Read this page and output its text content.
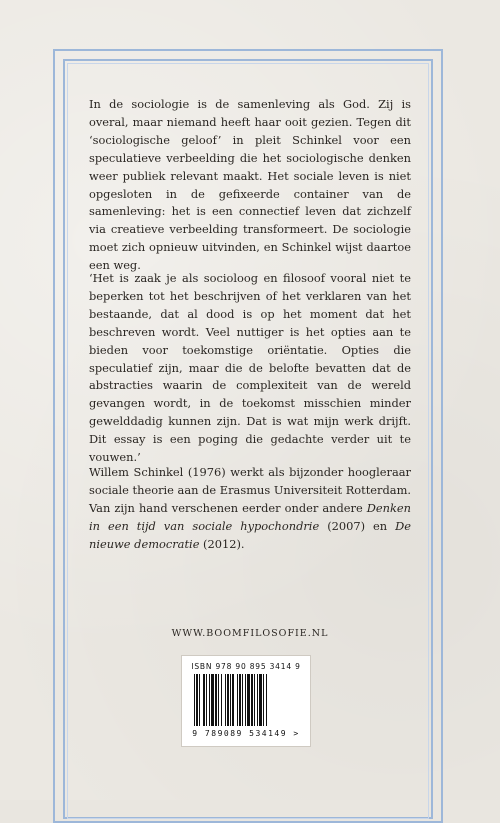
In de sociologie is de samenleving als God. Zij is overal, maar niemand heeft haar ooit gezien. Tegen dit ‘sociologische geloof’ in pleit Schinkel voor een speculatieve verbeelding die het sociologische denken weer publiek relevant maakt. Het sociale leven is niet opgesloten in de gefixeerde container van de samenleving: het is een connectief leven dat zichzelf via creatieve verbeelding transformeert. De sociologie moet zich opnieuw uitvinden, en Schinkel wijst daartoe een weg.

‘Het is zaak je als socioloog en filosoof vooral niet te beperken tot het beschrijven of het verklaren van het bestaande, dat al dood is op het moment dat het beschreven wordt. Veel nuttiger is het opties aan te bieden voor toekomstige oriëntatie. Opties die speculatief zijn, maar die de belofte bevatten dat de abstracties waarin de complexiteit van de wereld gevangen wordt, in de toekomst misschien minder gewelddadig kunnen zijn. Dat is wat mijn werk drijft. Dit essay is een poging die gedachte verder uit te vouwen.’

Willem Schinkel (1976) werkt als bijzonder hoogleraar sociale theorie aan de Erasmus Universiteit Rotterdam. Van zijn hand verschenen eerder onder andere Denken in een tijd van sociale hypochondrie (2007) en De nieuwe democratie (2012).

WWW.BOOMFILOSOFIE.NL
ISBN 978 90 895 3414 9
9 789089 534149 >
